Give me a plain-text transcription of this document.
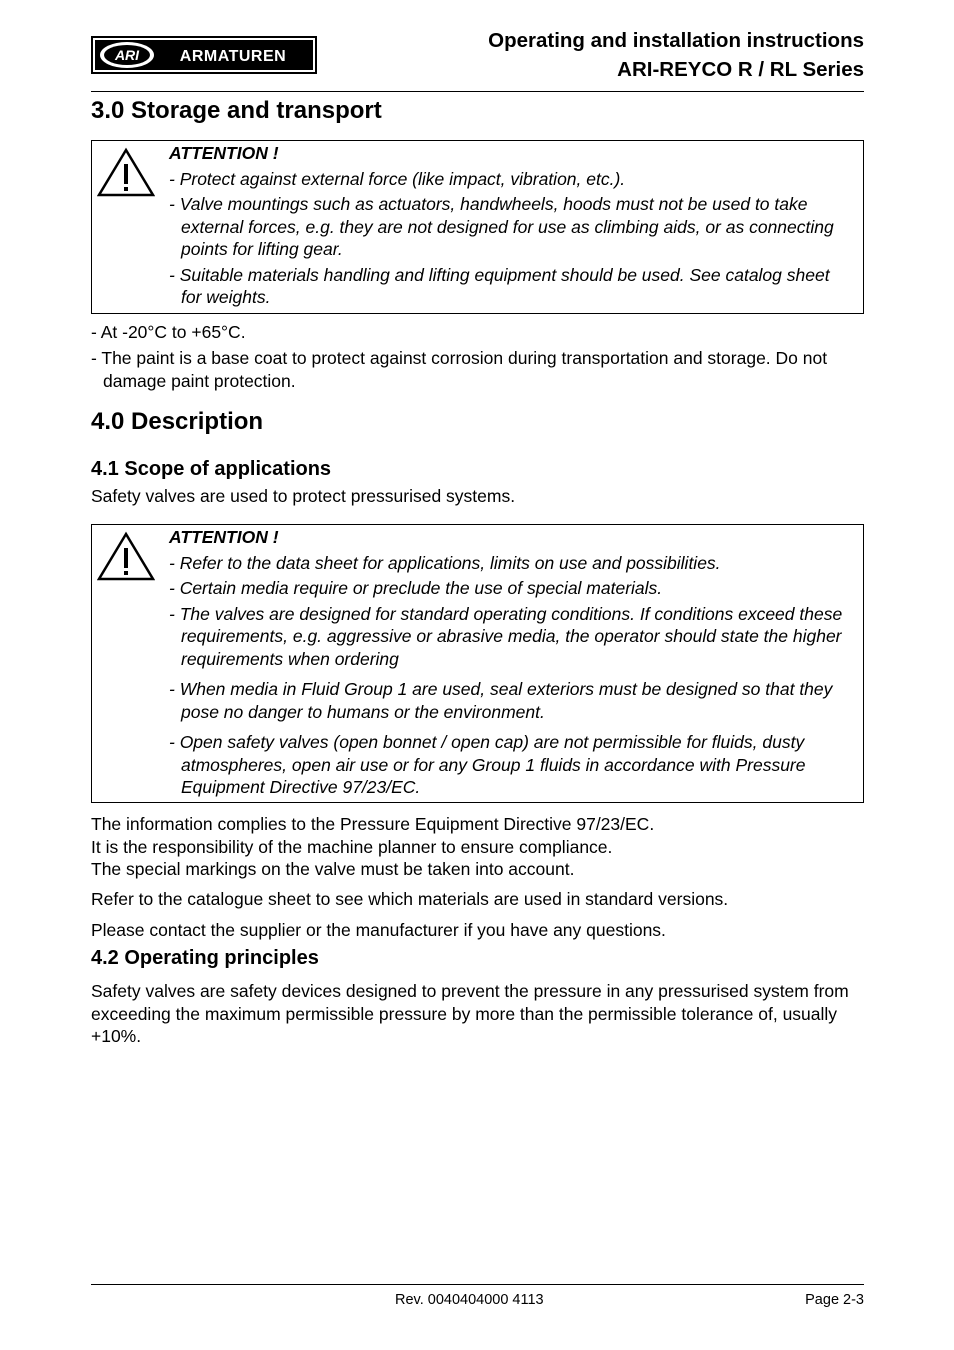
ARI	ARMATUREN
Operating and installation instructions
ARI-REYCO R / RL Series
3.0 Storage and transport
ATTENTION !
- Protect against external force (like impact, vibration, etc.).
- Valve mountings such as actuators, handwheels, hoods must not be used to take external forces, e.g. they are not designed for use as climbing aids, or as connecting points for lifting gear.
- Suitable materials handling and lifting equipment should be used. See catalog sheet for weights.

- At -20°C to +65°C.

- The paint is a base coat to protect against corrosion during transportation and storage. Do not damage paint protection.

4.0 Description
4.1 Scope of applications

Safety valves are used to protect pressurised systems.

ATTENTION !
- Refer to the data sheet for applications, limits on use and possibilities.
- Certain media require or preclude the use of special materials.
- The valves are designed for standard operating conditions. If conditions exceed these requirements, e.g. aggressive or abrasive media, the operator should state the higher requirements when ordering
- When media in Fluid Group 1 are used, seal exteriors must be designed so that they pose no danger to humans or the environment.
- Open safety valves (open bonnet / open cap) are not permissible for fluids, dusty atmospheres, open air use or for any Group 1 fluids in accordance with Pressure Equipment Directive 97/23/EC.

The information complies to the Pressure Equipment Directive 97/23/EC.

It is the responsibility of the machine planner to ensure compliance.

The special markings on the valve must be taken into account.

Refer to the catalogue sheet to see which materials are used in standard versions.

Please contact the supplier or the manufacturer if you have any questions.

4.2 Operating principles

Safety valves are safety devices designed to prevent the pressure in any pressurised system from exceeding the maximum permissible pressure by more than the permissible tolerance of, usually +10%.

Rev. 0040404000 4113	Page 2-3
